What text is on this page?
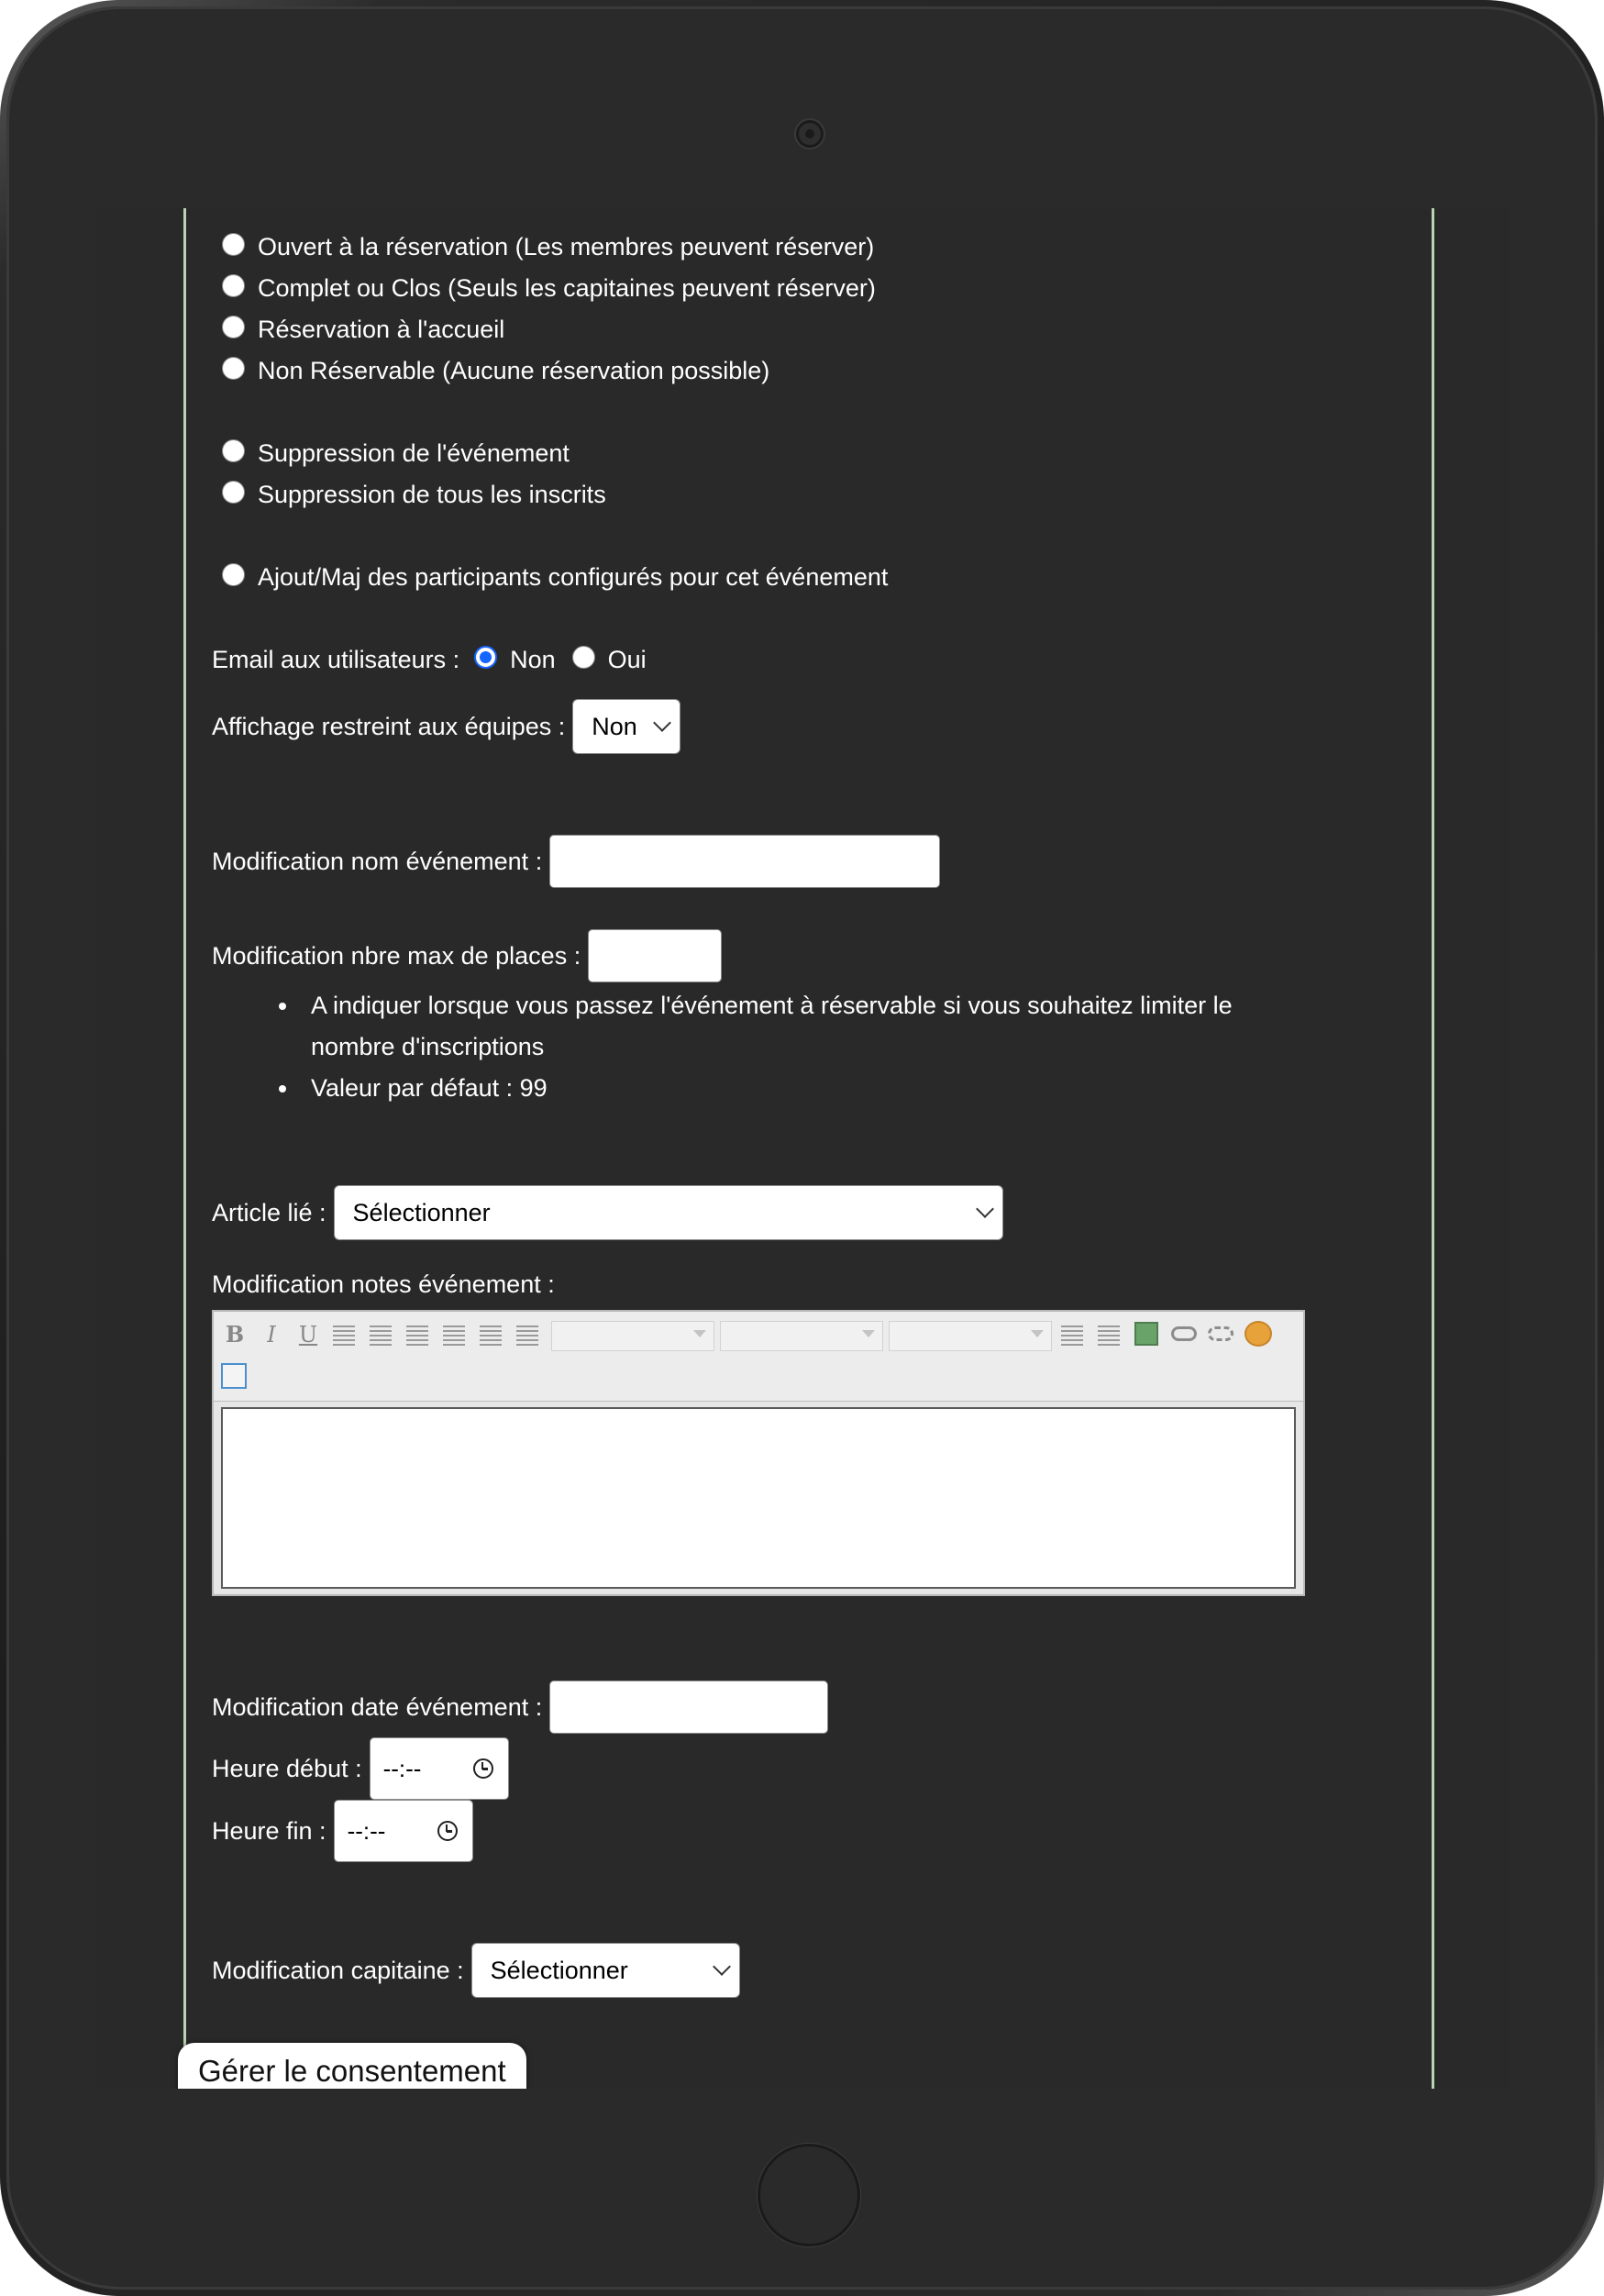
Ouvert à la réservation (Les membres peuvent réserver)
Complet ou Clos (Seuls les capitaines peuvent réserver)
Réservation à l'accueil
Non Réservable (Aucune réservation possible)
Suppression de l'événement
Suppression de tous les inscrits
Ajout/Maj des participants configurés pour cet événement
Email aux utilisateurs : Non Oui
Affichage restreint aux équipes : Non
Modification nom événement :
Modification nbre max de places :
A indiquer lorsque vous passez l'événement à réservable si vous souhaitez limiter le nombre d'inscriptions
Valeur par défaut : 99
Article lié : Sélectionner
Modification notes événement :
B	I	U
Modification date événement :
Heure début : --:--
Heure fin : --:--
Modification capitaine : Sélectionner
Gérer le consentement
